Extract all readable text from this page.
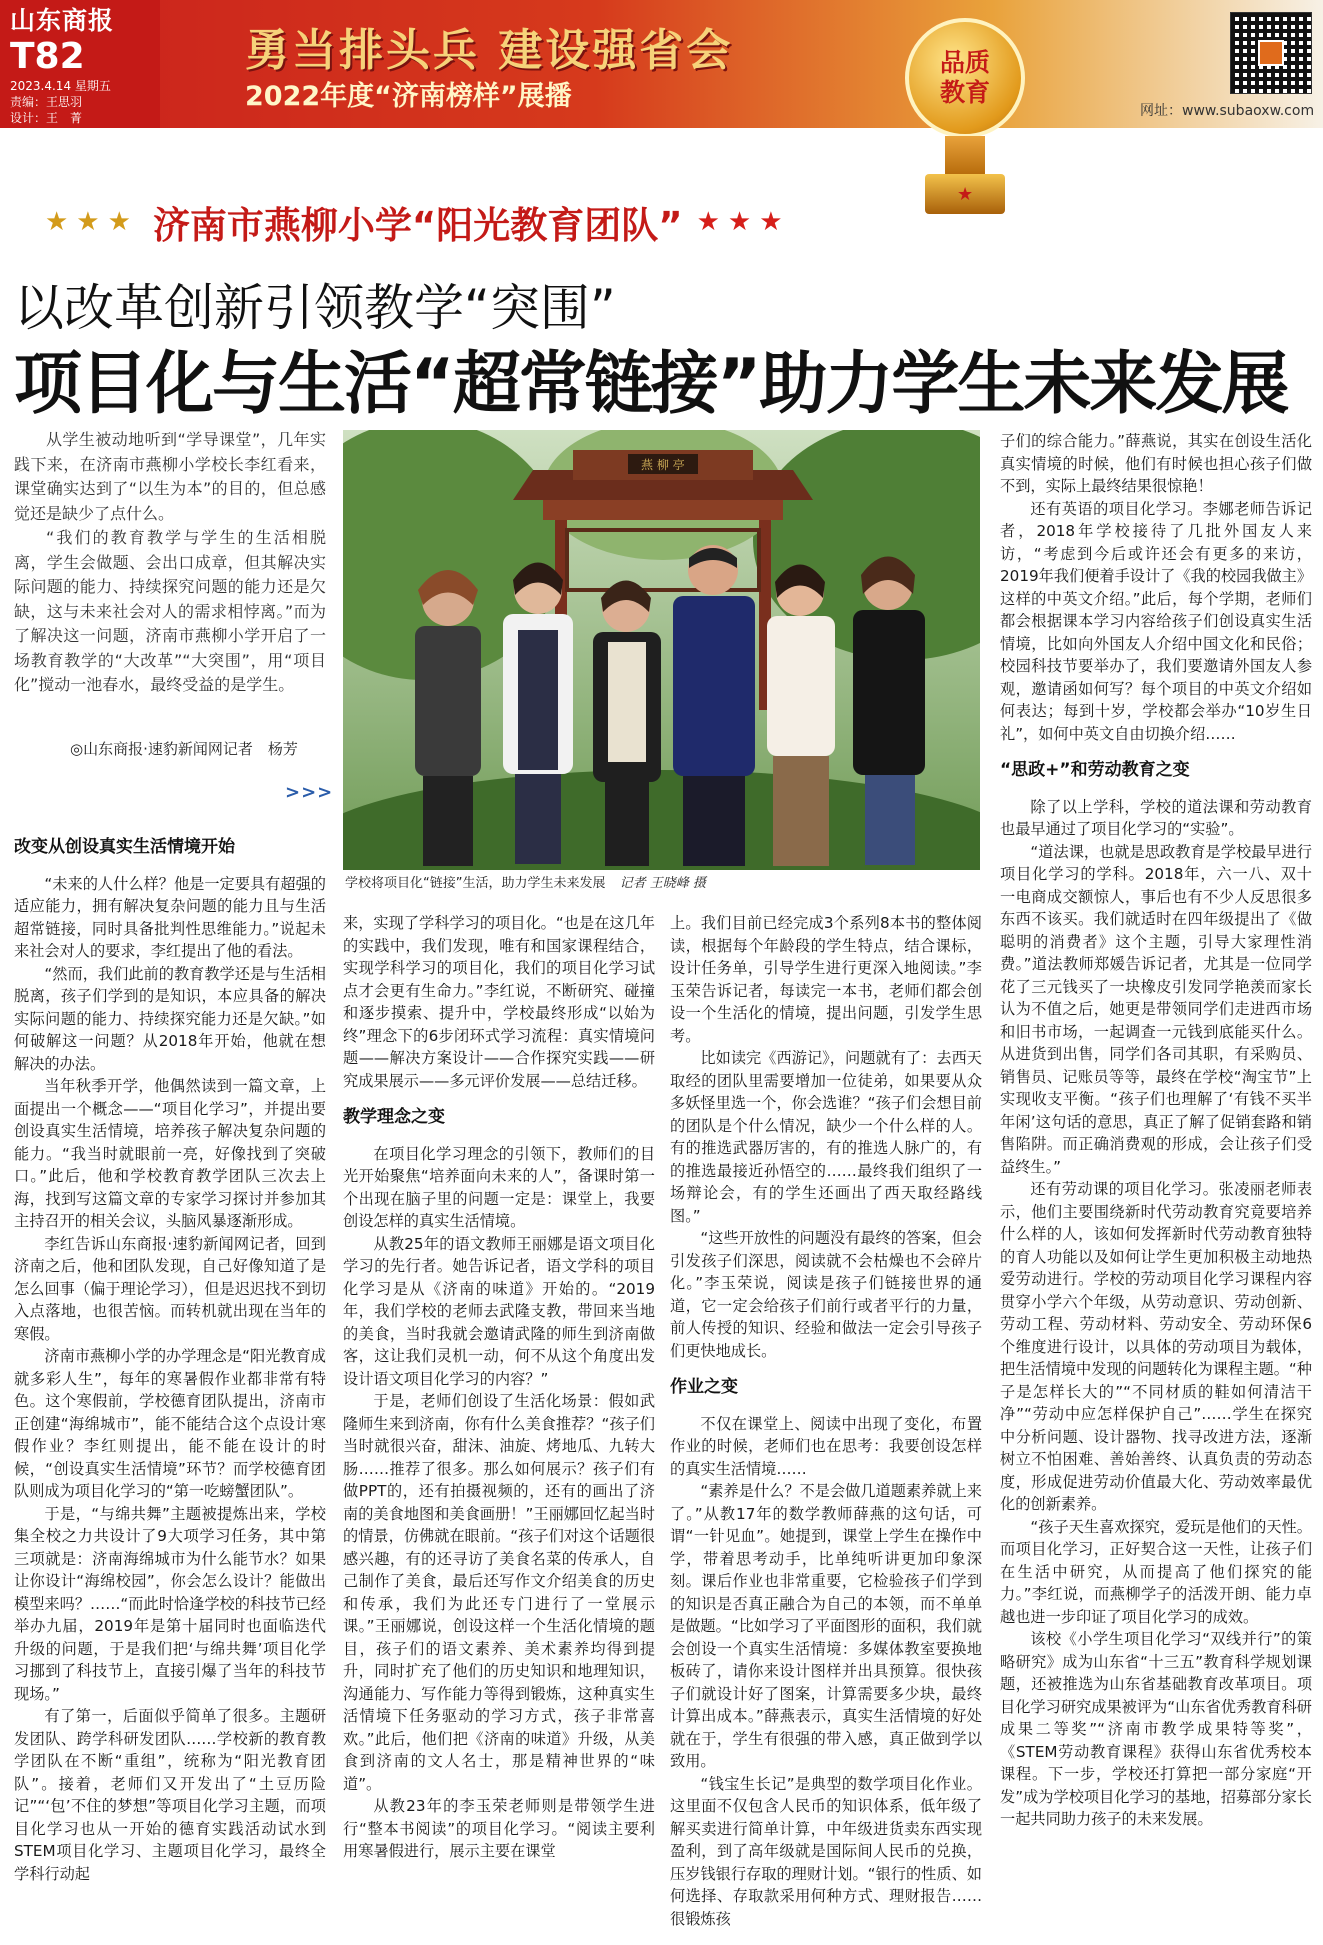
山东商报
T82
2023.4.14 星期五
责编：王思羽
设计：王　菁
勇当排头兵 建设强省会
2022年度“济南榜样”展播
品质教育
★
网址：www.subaoxw.com
★★★ 济南市燕柳小学“阳光教育团队” ★★★
以改革创新引领教学“突围”
项目化与生活“超常链接”助力学生未来发展

从学生被动地听到“学导课堂”，几年实践下来，在济南市燕柳小学校长李红看来，课堂确实达到了“以生为本”的目的，但总感觉还是缺少了点什么。

“我们的教育教学与学生的生活相脱离，学生会做题、会出口成章，但其解决实际问题的能力、持续探究问题的能力还是欠缺，这与未来社会对人的需求相悖离。”而为了解决这一问题，济南市燕柳小学开启了一场教育教学的“大改革”“大突围”，用“项目化”搅动一池春水，最终受益的是学生。

◎山东商报·速豹新闻网记者　杨芳
>>>
燕 柳 亭
学校将项目化“链接”生活，助力学生未来发展 记者 王晓峰 摄
改变从创设真实生活情境开始

“未来的人什么样？他是一定要具有超强的适应能力，拥有解决复杂问题的能力且与生活超常链接，同时具备批判性思维能力。”说起未来社会对人的要求，李红提出了他的看法。

“然而，我们此前的教育教学还是与生活相脱离，孩子们学到的是知识，本应具备的解决实际问题的能力、持续探究能力还是欠缺。”如何破解这一问题？从2018年开始，他就在想解决的办法。

当年秋季开学，他偶然读到一篇文章，上面提出一个概念——“项目化学习”，并提出要创设真实生活情境，培养孩子解决复杂问题的能力。“我当时就眼前一亮，好像找到了突破口。”此后，他和学校教育教学团队三次去上海，找到写这篇文章的专家学习探讨并参加其主持召开的相关会议，头脑风暴逐渐形成。

李红告诉山东商报·速豹新闻网记者，回到济南之后，他和团队发现，自己好像知道了是怎么回事（偏于理论学习），但是迟迟找不到切入点落地，也很苦恼。而转机就出现在当年的寒假。

济南市燕柳小学的办学理念是“阳光教育成就多彩人生”，每年的寒暑假作业都非常有特色。这个寒假前，学校德育团队提出，济南市正创建“海绵城市”，能不能结合这个点设计寒假作业？李红则提出，能不能在设计的时候，“创设真实生活情境”环节？而学校德育团队则成为项目化学习的“第一吃螃蟹团队”。

于是，“与绵共舞”主题被提炼出来，学校集全校之力共设计了9大项学习任务，其中第三项就是：济南海绵城市为什么能节水？如果让你设计“海绵校园”，你会怎么设计？能做出模型来吗？……“而此时恰逢学校的科技节已经举办九届，2019年是第十届同时也面临迭代升级的问题，于是我们把‘与绵共舞’项目化学习挪到了科技节上，直接引爆了当年的科技节现场。”

有了第一，后面似乎简单了很多。主题研发团队、跨学科研发团队……学校新的教育教学团队在不断“重组”，统称为“阳光教育团队”。接着，老师们又开发出了“土豆历险记”“‘包’不住的梦想”等项目化学习主题，而项目化学习也从一开始的德育实践活动试水到STEM项目化学习、主题项目化学习，最终全学科行动起

来，实现了学科学习的项目化。“也是在这几年的实践中，我们发现，唯有和国家课程结合，实现学科学习的项目化，我们的项目化学习试点才会更有生命力。”李红说，不断研究、碰撞和逐步摸索、提升中，学校最终形成“以始为终”理念下的6步闭环式学习流程：真实情境问题——解决方案设计——合作探究实践——研究成果展示——多元评价发展——总结迁移。

教学理念之变

在项目化学习理念的引领下，教师们的目光开始聚焦“培养面向未来的人”，备课时第一个出现在脑子里的问题一定是：课堂上，我要创设怎样的真实生活情境。

从教25年的语文教师王丽娜是语文项目化学习的先行者。她告诉记者，语文学科的项目化学习是从《济南的味道》开始的。“2019年，我们学校的老师去武隆支教，带回来当地的美食，当时我就会邀请武隆的师生到济南做客，这让我们灵机一动，何不从这个角度出发设计语文项目化学习的内容？”

于是，老师们创设了生活化场景：假如武隆师生来到济南，你有什么美食推荐？“孩子们当时就很兴奋，甜沫、油旋、烤地瓜、九转大肠……推荐了很多。那么如何展示？孩子们有做PPT的，还有拍摄视频的，还有的画出了济南的美食地图和美食画册！”王丽娜回忆起当时的情景，仿佛就在眼前。“孩子们对这个话题很感兴趣，有的还寻访了美食名菜的传承人，自己制作了美食，最后还写作文介绍美食的历史和传承，我们为此还专门进行了一堂展示课。”王丽娜说，创设这样一个生活化情境的题目，孩子们的语文素养、美术素养均得到提升，同时扩充了他们的历史知识和地理知识，沟通能力、写作能力等得到锻炼，这种真实生活情境下任务驱动的学习方式，孩子非常喜欢。”此后，他们把《济南的味道》升级，从美食到济南的文人名士，那是精神世界的“味道”。

从教23年的李玉荣老师则是带领学生进行“整本书阅读”的项目化学习。“阅读主要利用寒暑假进行，展示主要在课堂

上。我们目前已经完成3个系列8本书的整体阅读，根据每个年龄段的学生特点，结合课标，设计任务单，引导学生进行更深入地阅读。”李玉荣告诉记者，每读完一本书，老师们都会创设一个生活化的情境，提出问题，引发学生思考。

比如读完《西游记》，问题就有了：去西天取经的团队里需要增加一位徒弟，如果要从众多妖怪里选一个，你会选谁？“孩子们会想目前的团队是个什么情况，缺少一个什么样的人。有的推选武器厉害的，有的推选人脉广的，有的推选最接近孙悟空的……最终我们组织了一场辩论会，有的学生还画出了西天取经路线图。”

“这些开放性的问题没有最终的答案，但会引发孩子们深思，阅读就不会枯燥也不会碎片化。”李玉荣说，阅读是孩子们链接世界的通道，它一定会给孩子们前行或者平行的力量，前人传授的知识、经验和做法一定会引导孩子们更快地成长。

作业之变

不仅在课堂上、阅读中出现了变化，布置作业的时候，老师们也在思考：我要创设怎样的真实生活情境……

“素养是什么？不是会做几道题素养就上来了。”从教17年的数学教师薛燕的这句话，可谓“一针见血”。她提到，课堂上学生在操作中学，带着思考动手，比单纯听讲更加印象深刻。课后作业也非常重要，它检验孩子们学到的知识是否真正融合为自己的本领，而不单单是做题。“比如学习了平面图形的面积，我们就会创设一个真实生活情境：多媒体教室要换地板砖了，请你来设计图样并出具预算。很快孩子们就设计好了图案，计算需要多少块，最终计算出成本。”薛燕表示，真实生活情境的好处就在于，学生有很强的带入感，真正做到学以致用。

“钱宝生长记”是典型的数学项目化作业。这里面不仅包含人民币的知识体系，低年级了解买卖进行简单计算，中年级进货卖东西实现盈利，到了高年级就是国际间人民币的兑换，压岁钱银行存取的理财计划。“银行的性质、如何选择、存取款采用何种方式、理财报告……很锻炼孩

子们的综合能力。”薛燕说，其实在创设生活化真实情境的时候，他们有时候也担心孩子们做不到，实际上最终结果很惊艳！

还有英语的项目化学习。李娜老师告诉记者，2018年学校接待了几批外国友人来访，“考虑到今后或许还会有更多的来访，2019年我们便着手设计了《我的校园我做主》这样的中英文介绍。”此后，每个学期，老师们都会根据课本学习内容给孩子们创设真实生活情境，比如向外国友人介绍中国文化和民俗；校园科技节要举办了，我们要邀请外国友人参观，邀请函如何写？每个项目的中英文介绍如何表达；每到十岁，学校都会举办“10岁生日礼”，如何中英文自由切换介绍……

“思政+”和劳动教育之变

除了以上学科，学校的道法课和劳动教育也最早通过了项目化学习的“实验”。

“道法课，也就是思政教育是学校最早进行项目化学习的学科。2018年，六一八、双十一电商成交额惊人，事后也有不少人反思很多东西不该买。我们就适时在四年级提出了《做聪明的消费者》这个主题，引导大家理性消费。”道法教师郑媛告诉记者，尤其是一位同学花了三元钱买了一块橡皮引发同学艳羡而家长认为不值之后，她更是带领同学们走进西市场和旧书市场，一起调查一元钱到底能买什么。从进货到出售，同学们各司其职，有采购员、销售员、记账员等等，最终在学校“淘宝节”上实现收支平衡。“孩子们也理解了‘有钱不买半年闲’这句话的意思，真正了解了促销套路和销售陷阱。而正确消费观的形成，会让孩子们受益终生。”

还有劳动课的项目化学习。张凌丽老师表示，他们主要围绕新时代劳动教育究竟要培养什么样的人，该如何发挥新时代劳动教育独特的育人功能以及如何让学生更加积极主动地热爱劳动进行。学校的劳动项目化学习课程内容贯穿小学六个年级，从劳动意识、劳动创新、劳动工程、劳动材料、劳动安全、劳动环保6个维度进行设计，以具体的劳动项目为载体，把生活情境中发现的问题转化为课程主题。“种子是怎样长大的”“不同材质的鞋如何清洁干净”“劳动中应怎样保护自己”……学生在探究中分析问题、设计器物、找寻改进方法，逐渐树立不怕困难、善始善终、认真负责的劳动态度，形成促进劳动价值最大化、劳动效率最优化的创新素养。

“孩子天生喜欢探究，爱玩是他们的天性。而项目化学习，正好契合这一天性，让孩子们在生活中研究，从而提高了他们探究的能力。”李红说，而燕柳学子的活泼开朗、能力卓越也进一步印证了项目化学习的成效。

该校《小学生项目化学习“双线并行”的策略研究》成为山东省“十三五”教育科学规划课题，还被推选为山东省基础教育改革项目。项目化学习研究成果被评为“山东省优秀教育科研成果二等奖”“济南市教学成果特等奖”，《STEM劳动教育课程》获得山东省优秀校本课程。下一步，学校还打算把一部分家庭“开发”成为学校项目化学习的基地，招募部分家长一起共同助力孩子的未来发展。
